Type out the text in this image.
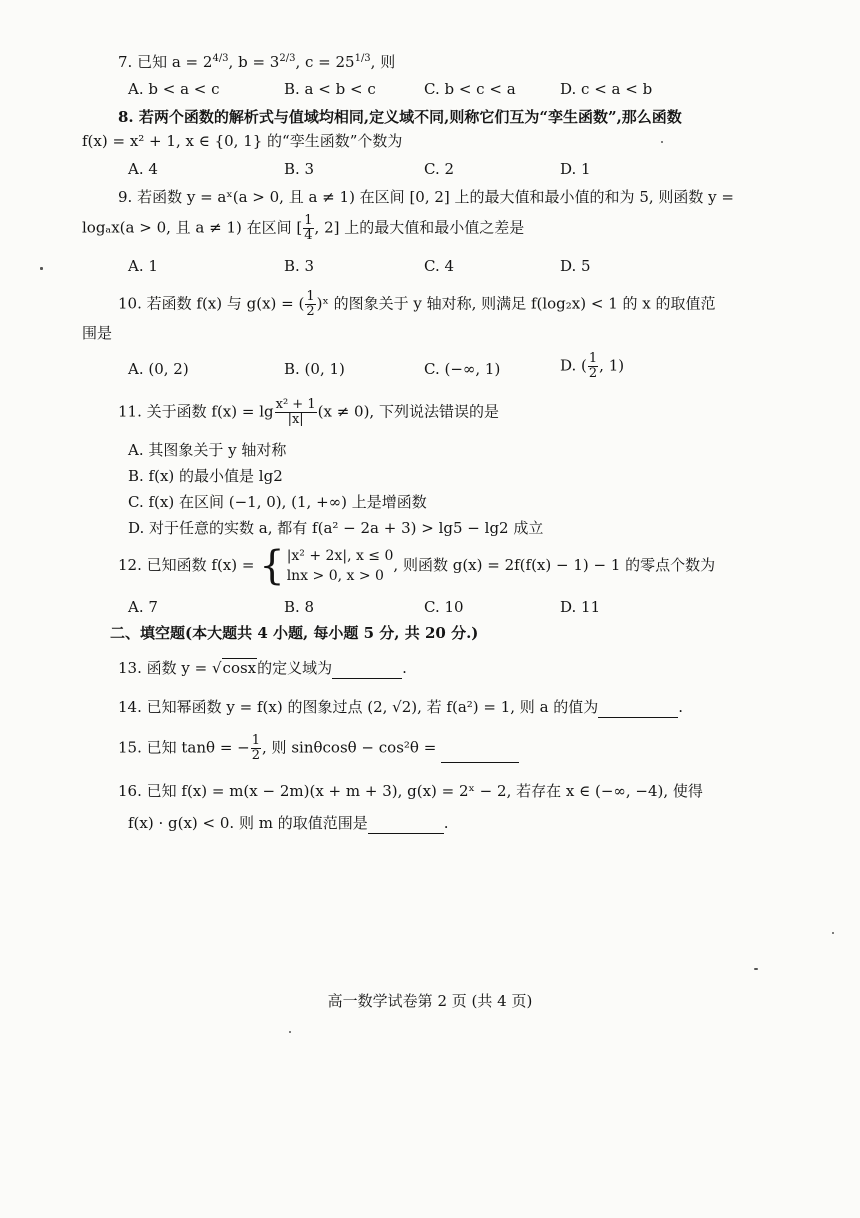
7. 已知 $a = 2^{4/3}$, $b = 3^{2/3}$, $c = 25^{1/3}$, 则
A. b < a < c	B. a < b < c	C. b < c < a	D. c < a < b
8. 若两个函数的解析式与值域均相同,定义域不同,则称它们互为“孪生函数”,那么函数
f(x) = x² + 1, x ∈ {0, 1} 的“孪生函数”个数为
A. 4	B. 3	C. 2	D. 1
9. 若函数 y = aˣ(a > 0, 且 a ≠ 1) 在区间 [0, 2] 上的最大值和最小值的和为 5, 则函数 y =
logₐx(a > 0, 且 a ≠ 1) 在区间 [ $\frac{1}{4}$ , 2] 上的最大值和最小值之差是
A. 1	B. 3	C. 4	D. 5
10. 若函数 f(x) 与 g(x) = ( $\frac{1}{2}$ )ˣ 的图象关于 y 轴对称, 则满足 f(log₂x) < 1 的 x 的取值范
围是
A. (0, 2)	B. (0, 1)	C. (−∞, 1)	D. ( $\frac{1}{2}$ , 1)
11. 关于函数 $f(x) = \lg \frac{\text{x² + 1}}{|x|} (x \ne 0)$, 下列说法错误的是
A. 其图象关于 y 轴对称
B. f(x) 的最小值是 lg2
C. f(x) 在区间 (−1, 0), (1, +∞) 上是增函数
D. 对于任意的实数 a, 都有 f(a² − 2a + 3) > lg5 − lg2 成立
12. 已知函数 f(x) = { |x² + 2x|, x ≤ 0
lnx > 0, x > 0
, 则函数 g(x) = 2f(f(x) − 1) − 1 的零点个数为
A. 7	B. 8	C. 10	D. 11
二、填空题(本大题共 4 小题, 每小题 5 分, 共 20 分.)
13. 函数 y = √cosx的定义域为	.
14. 已知幂函数 y = f(x) 的图象过点 (2, √2), 若 f(a²) = 1, 则 a 的值为	.
15. 已知 tanθ = − $\frac{1}{2}$ , 则 sinθcosθ − cos²θ =
16. 已知 f(x) = m(x − 2m)(x + m + 3), g(x) = 2ˣ − 2, 若存在 x ∈ (−∞, −4), 使得
f(x) · g(x) < 0. 则 m 的取值范围是	.
高一数学试卷第 2 页 (共 4 页)
